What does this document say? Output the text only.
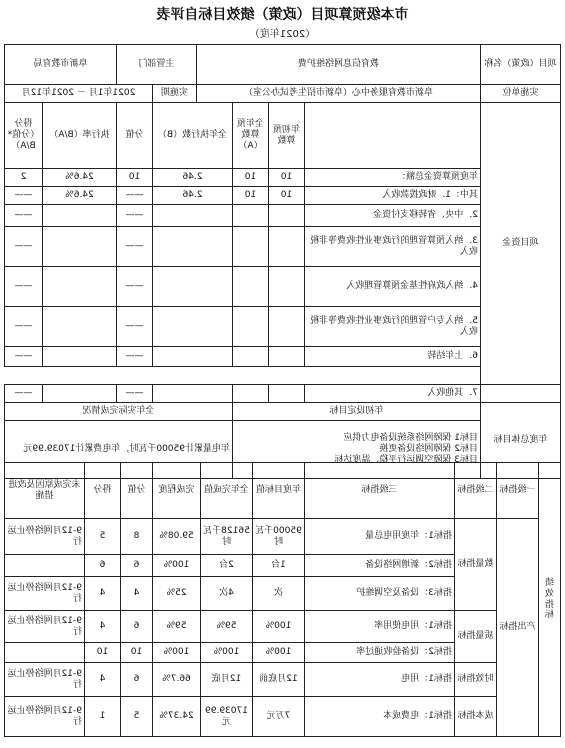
市本级预算项目（政策）绩效目标自评表
（2021年度）
项目（政策）名称	教育信息网络维护费				主管部门		阜新市教育局	
实施单位	阜新市教育服务中心（阜新市招生考试办公室）				实施期	2021年1月 － 2021年12月		
项目资金		年初预算数	全年预算数（A）	全年执行数（B）		分值	执行率（B/A）	得分（分值*B/A）
	年度预算资金总额：	10	10	2.46		10	24.6%	2
	其中：1．财政拨款收入	10	10	2.46		——	24.6%	——
	2．中央、省转移支付资金					——		——
	3．纳入预算管理的行政事业性收费等非税收入					——		——
	4．纳入政府性基金预算管理收入					——		——
	5．纳入专户管理的行政事业性收费等非税收入					——		——
	6．上年结转					——		——

	7．其他收入					——		——
年度总体目标	年初设定目标			全年实际完成情况				

	目标1 保障网络系统设备电力供应
目标2 保障网络设备更换
目标3 保障空调运行平稳、温度达标			年电量累计95000千瓦时，年电费累计17039.99元				
绩效指标	一级指标	二级指标	三级指标	年度目标值	全年完成值	完成程度	分值	得分	未完成原因及改进措施
	产出指标	数量指标	指标1：年度用电总量	95000千瓦时	56128千瓦时	59.08%	8	5	9-12月网络停止运行
			指标2：新增网络设备	1台	2台	100%	6	6	
			指标3：设备及空调维护	次	4次	25%	4	4	9-12月网络停止运行
		质量指标	指标1：用电使用率	100%	59%	59%	6	4	9-12月网络停止运行
			指标2：设备验收通过率	100%	100%	100%	10	10	
		时效指标	指标1：用电	12月底前	12月底	66.7%	6	4	9-12月网络停止运行
		成本指标	指标1：电费成本	7万元	17039.99元	24.37%	5	1	9-12月网络停止运行
